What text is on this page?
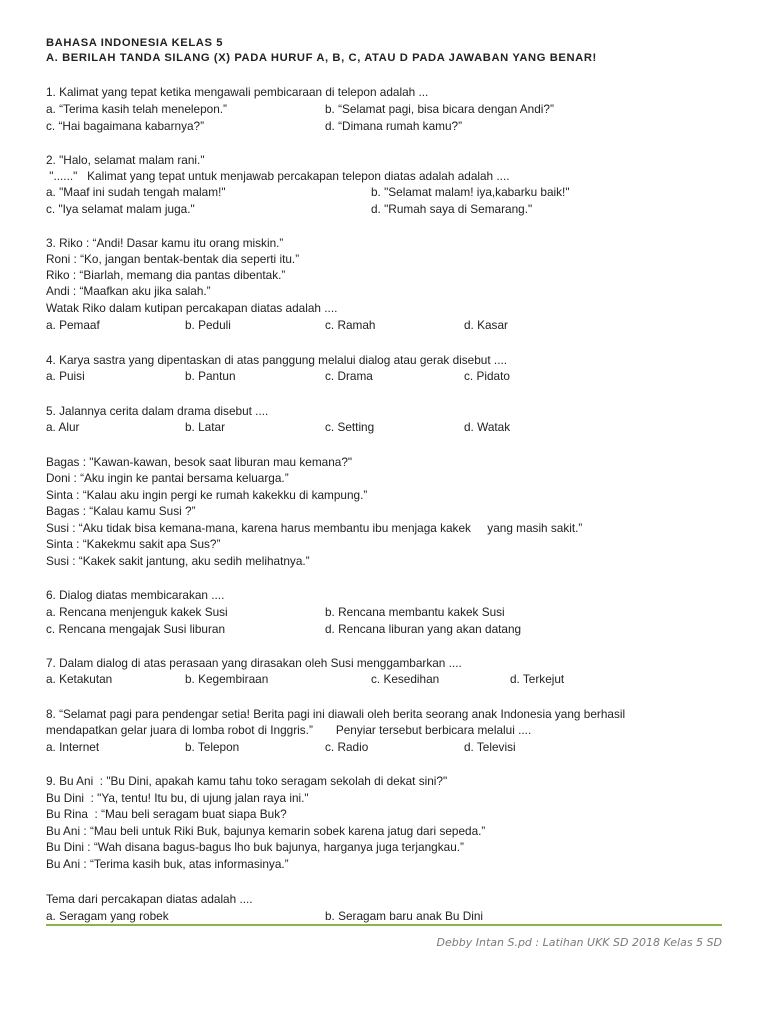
BAHASA INDONESIA KELAS 5
A. BERILAH TANDA SILANG (X) PADA HURUF A, B, C, ATAU D PADA JAWABAN YANG BENAR!
1. Kalimat yang tepat ketika mengawali pembicaraan di telepon adalah ...
a. “Terima kasih telah menelepon.”	b. “Selamat pagi, bisa bicara dengan Andi?”
c. “Hai bagaimana kabarnya?”	d. “Dimana rumah kamu?”
2. "Halo, selamat malam rani."
"......"   Kalimat yang tepat untuk menjawab percakapan telepon diatas adalah adalah ....
a. "Maaf ini sudah tengah malam!"	b. "Selamat malam! iya,kabarku baik!"
c. "Iya selamat malam juga."	d. "Rumah saya di Semarang."
3. Riko : “Andi! Dasar kamu itu orang miskin.”
Roni : “Ko, jangan bentak-bentak dia seperti itu.”
Riko : “Biarlah, memang dia pantas dibentak.”
Andi : “Maafkan aku jika salah.”
Watak Riko dalam kutipan percakapan diatas adalah ....
a. Pemaaf	b. Peduli	c. Ramah	d. Kasar
4. Karya sastra yang dipentaskan di atas panggung melalui dialog atau gerak disebut ....
a. Puisi	b. Pantun	c. Drama	c. Pidato
5. Jalannya cerita dalam drama disebut ....
a. Alur	b. Latar	c. Setting	d. Watak
Bagas : "Kawan-kawan, besok saat liburan mau kemana?"
Doni : “Aku ingin ke pantai bersama keluarga.”
Sinta : “Kalau aku ingin pergi ke rumah kakekku di kampung.”
Bagas : “Kalau kamu Susi ?”
Susi : “Aku tidak bisa kemana-mana, karena harus membantu ibu menjaga kakek     yang masih sakit.”
Sinta : “Kakekmu sakit apa Sus?”
Susi : “Kakek sakit jantung, aku sedih melihatnya.”
6. Dialog diatas membicarakan ....
a. Rencana menjenguk kakek Susi	b. Rencana membantu kakek Susi
c. Rencana mengajak Susi liburan	d. Rencana liburan yang akan datang
7. Dalam dialog di atas perasaan yang dirasakan oleh Susi menggambarkan ....
a. Ketakutan	b. Kegembiraan	c. Kesedihan	d. Terkejut
8. “Selamat pagi para pendengar setia! Berita pagi ini diawali oleh berita seorang anak Indonesia yang berhasil
mendapatkan gelar juara di lomba robot di Inggris.”       Penyiar tersebut berbicara melalui ....
a. Internet	b. Telepon	c. Radio	d. Televisi
9. Bu Ani  : "Bu Dini, apakah kamu tahu toko seragam sekolah di dekat sini?"
Bu Dini  : "Ya, tentu! Itu bu, di ujung jalan raya ini."
Bu Rina  : “Mau beli seragam buat siapa Buk?
Bu Ani : “Mau beli untuk Riki Buk, bajunya kemarin sobek karena jatug dari sepeda.”
Bu Dini : “Wah disana bagus-bagus lho buk bajunya, harganya juga terjangkau.”
Bu Ani : “Terima kasih buk, atas informasinya.”
Tema dari percakapan diatas adalah ....
a. Seragam yang robek	b. Seragam baru anak Bu Dini
Debby Intan S.pd : Latihan UKK SD 2018 Kelas 5 SD
